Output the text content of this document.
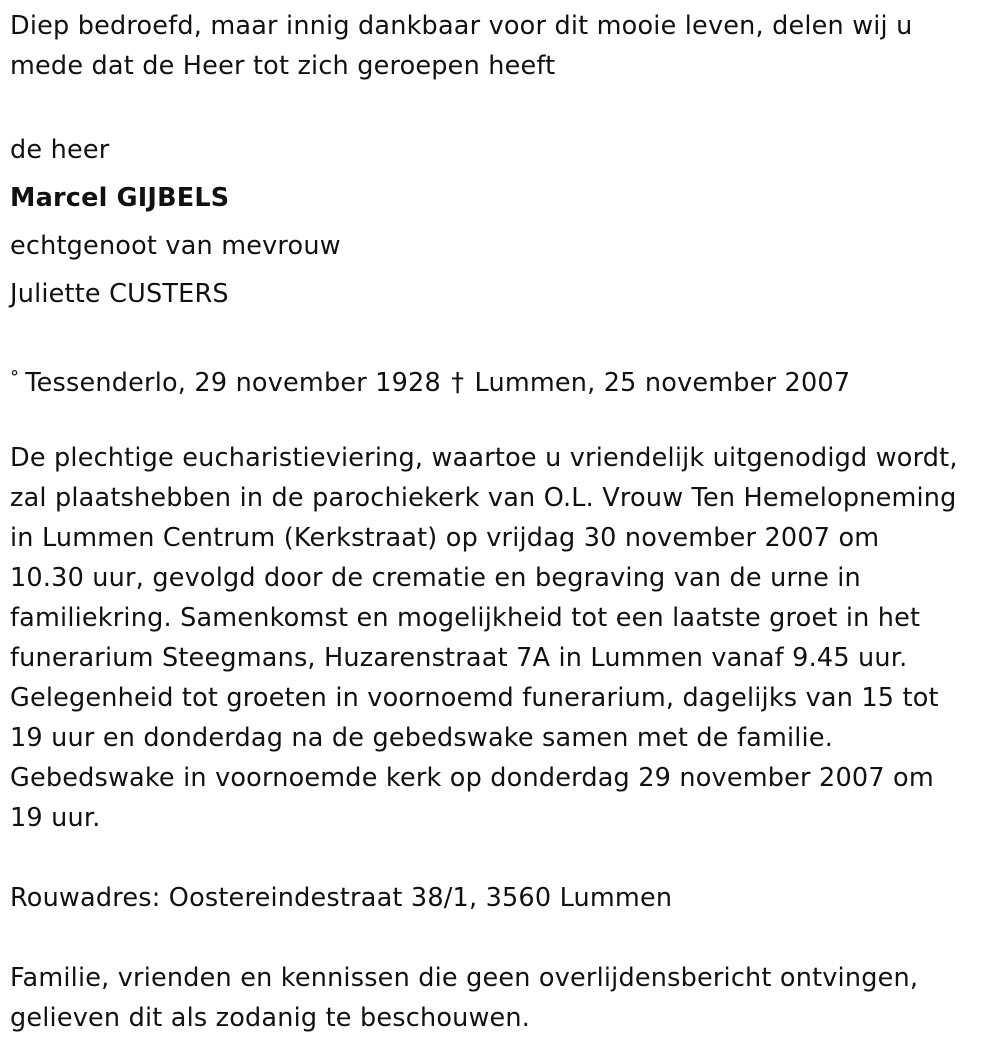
Diep bedroefd, maar innig dankbaar voor dit mooie leven, delen wij u
mede dat de Heer tot zich geroepen heeft
de heer
Marcel GIJBELS
echtgenoot van mevrouw
Juliette CUSTERS
° Tessenderlo, 29 november 1928 † Lummen, 25 november 2007
De plechtige eucharistieviering, waartoe u vriendelijk uitgenodigd wordt,
zal plaatshebben in de parochiekerk van O.L. Vrouw Ten Hemelopneming
in Lummen Centrum (Kerkstraat) op vrijdag 30 november 2007 om
10.30 uur, gevolgd door de crematie en begraving van de urne in
familiekring. Samenkomst en mogelijkheid tot een laatste groet in het
funerarium Steegmans, Huzarenstraat 7A in Lummen vanaf 9.45 uur.
Gelegenheid tot groeten in voornoemd funerarium, dagelijks van 15 tot
19 uur en donderdag na de gebedswake samen met de familie.
Gebedswake in voornoemde kerk op donderdag 29 november 2007 om
19 uur.
Rouwadres: Oostereindestraat 38/1, 3560 Lummen
Familie, vrienden en kennissen die geen overlijdensbericht ontvingen,
gelieven dit als zodanig te beschouwen.
